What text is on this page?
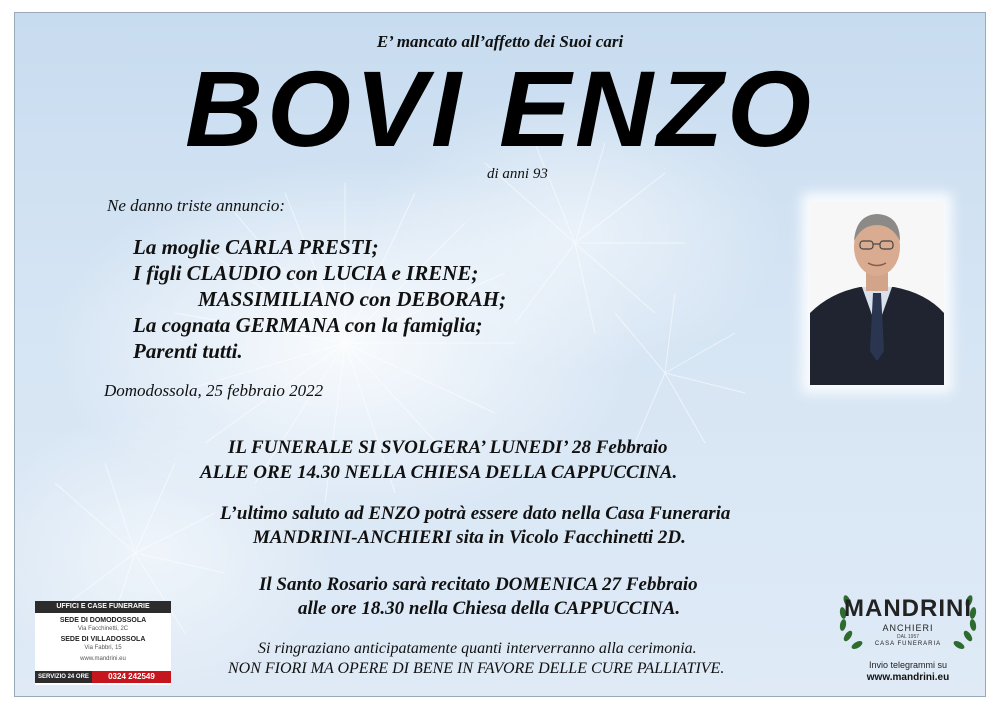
E’ mancato all’affetto dei Suoi cari
BOVI ENZO
di anni 93
Ne danno triste annuncio:
La moglie CARLA PRESTI;
I figli CLAUDIO con LUCIA e IRENE;
MASSIMILIANO con DEBORAH;
La cognata GERMANA con la famiglia;
Parenti tutti.
Domodossola, 25 febbraio 2022
IL FUNERALE SI SVOLGERA’ LUNEDI’ 28 Febbraio
ALLE ORE 14.30 NELLA CHIESA DELLA CAPPUCCINA.
L’ultimo saluto ad ENZO potrà essere dato nella Casa Funeraria
MANDRINI-ANCHIERI sita in Vicolo Facchinetti 2D.
Il Santo Rosario sarà recitato DOMENICA 27 Febbraio
alle ore 18.30 nella Chiesa della CAPPUCCINA.
Si ringraziano anticipatamente quanti interverranno alla cerimonia.
NON FIORI MA OPERE DI BENE IN FAVORE DELLE CURE PALLIATIVE.
UFFICI E CASE FUNERARIE
SEDE DI DOMODOSSOLA
Via Facchinetti, 2C
SEDE DI VILLADOSSOLA
Via Fabbri, 15
www.mandrini.eu
SERVIZIO 24 ORE	0324 242549
MANDRINI
ANCHIERI
DAL 1957
CASA FUNERARIA
Invio telegrammi su
www.mandrini.eu
